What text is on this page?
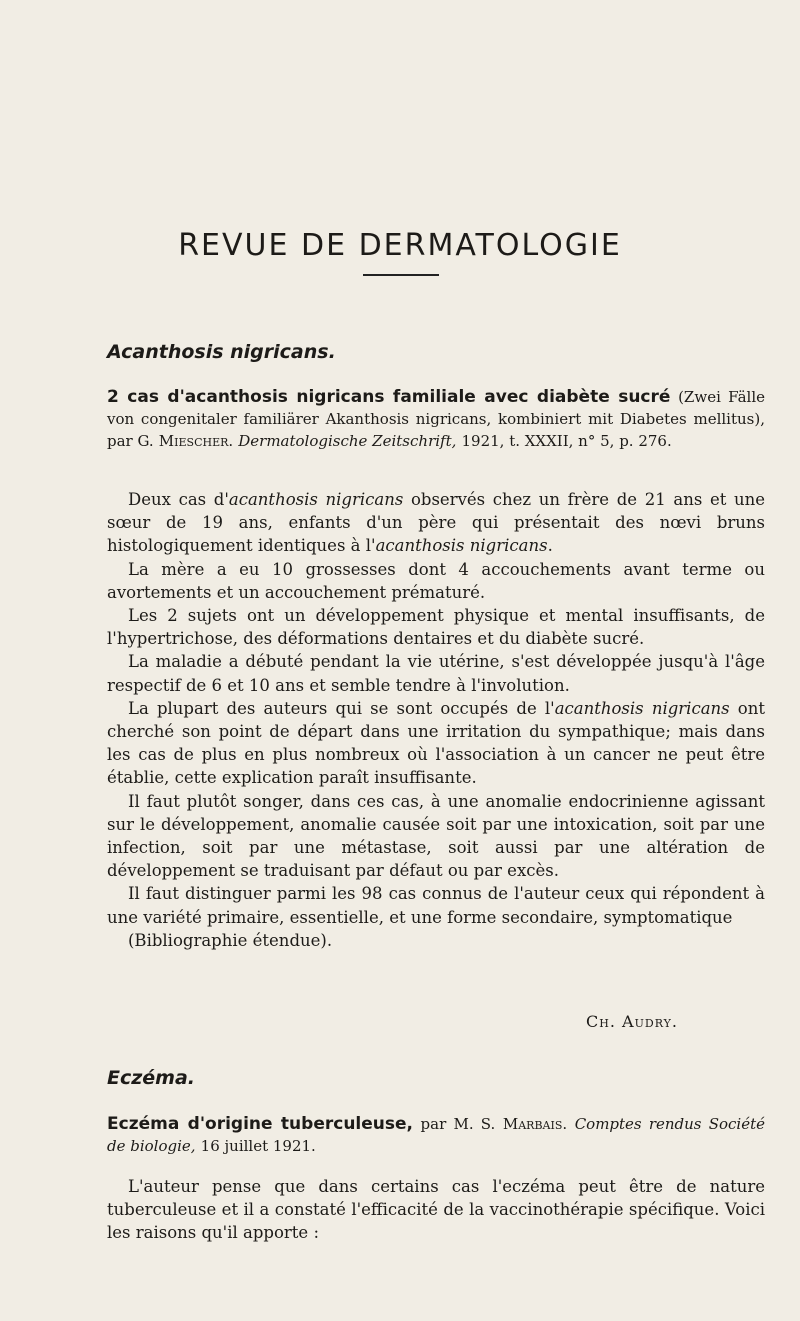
REVUE DE DERMATOLOGIE
Acanthosis nigricans.
2 cas d'acanthosis nigricans familiale avec diabète sucré (Zwei Fälle von congenitaler familiärer Akanthosis nigricans, kombiniert mit Diabetes mellitus), par G. Miescher. Dermatologische Zeitschrift, 1921, t. XXXII, n° 5, p. 276.

Deux cas d'acanthosis nigricans observés chez un frère de 21 ans et une sœur de 19 ans, enfants d'un père qui présentait des nœvi bruns histologiquement identiques à l'acanthosis nigricans.

La mère a eu 10 grossesses dont 4 accouchements avant terme ou avortements et un accouchement prématuré.

Les 2 sujets ont un développement physique et mental insuffisants, de l'hypertrichose, des déformations dentaires et du diabète sucré.

La maladie a débuté pendant la vie utérine, s'est développée jusqu'à l'âge respectif de 6 et 10 ans et semble tendre à l'involution.

La plupart des auteurs qui se sont occupés de l'acanthosis nigricans ont cherché son point de départ dans une irritation du sympathique; mais dans les cas de plus en plus nombreux où l'association à un cancer ne peut être établie, cette explication paraît insuffisante.

Il faut plutôt songer, dans ces cas, à une anomalie endocrinienne agissant sur le développement, anomalie causée soit par une intoxication, soit par une infection, soit par une métastase, soit aussi par une altération de développement se traduisant par défaut ou par excès.

Il faut distinguer parmi les 98 cas connus de l'auteur ceux qui répondent à une variété primaire, essentielle, et une forme secondaire, symptomatique

(Bibliographie étendue).

Ch. Audry.
Eczéma.
Eczéma d'origine tuberculeuse, par M. S. Marbais. Comptes rendus Société de biologie, 16 juillet 1921.

L'auteur pense que dans certains cas l'eczéma peut être de nature tuberculeuse et il a constaté l'efficacité de la vaccinothérapie spécifique. Voici les raisons qu'il apporte :
